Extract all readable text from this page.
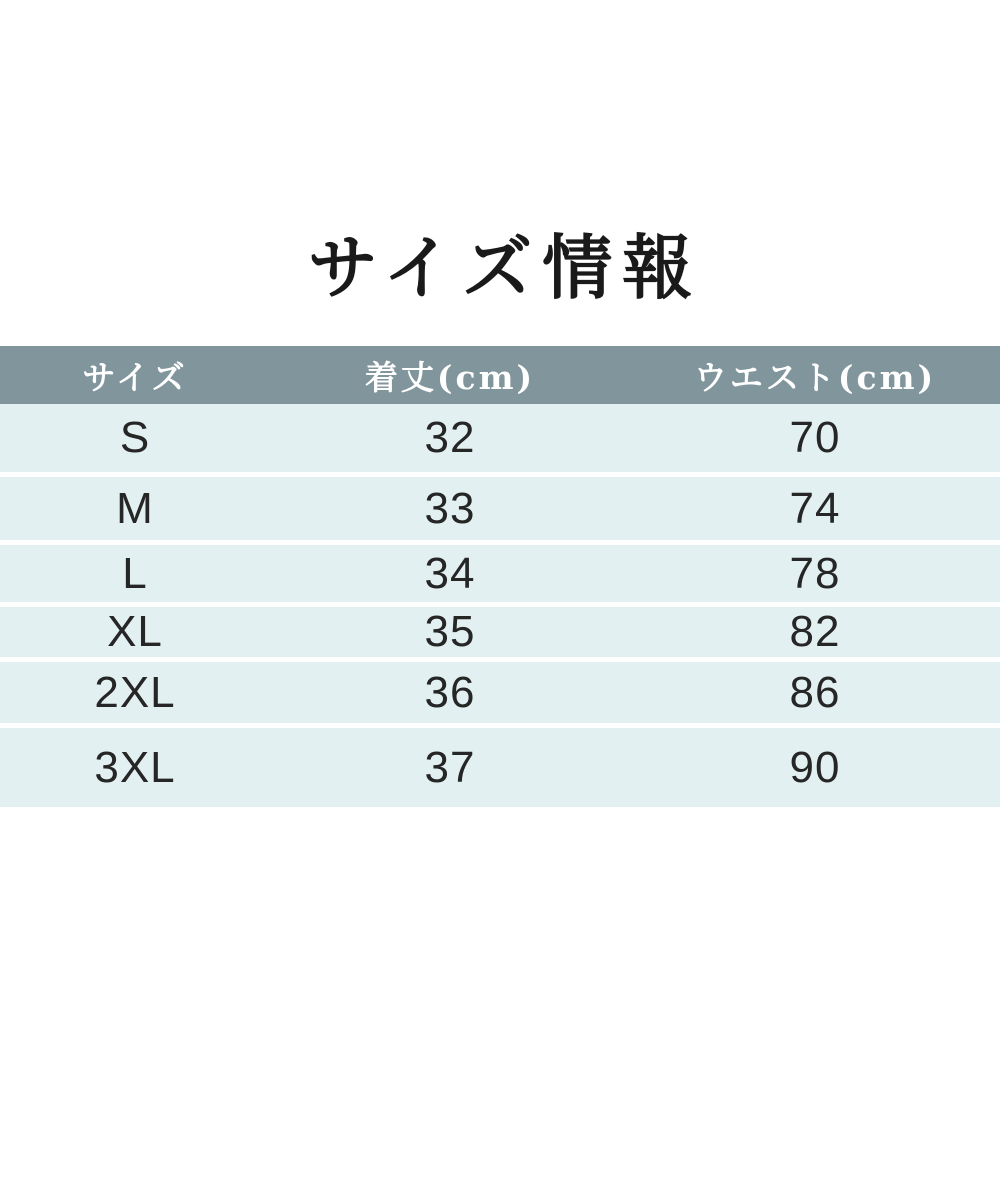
サイズ情報
サイズ	着丈(cm)	ウエスト(cm)
S	32	70
M	33	74
L	34	78
XL	35	82
2XL	36	86
3XL	37	90
